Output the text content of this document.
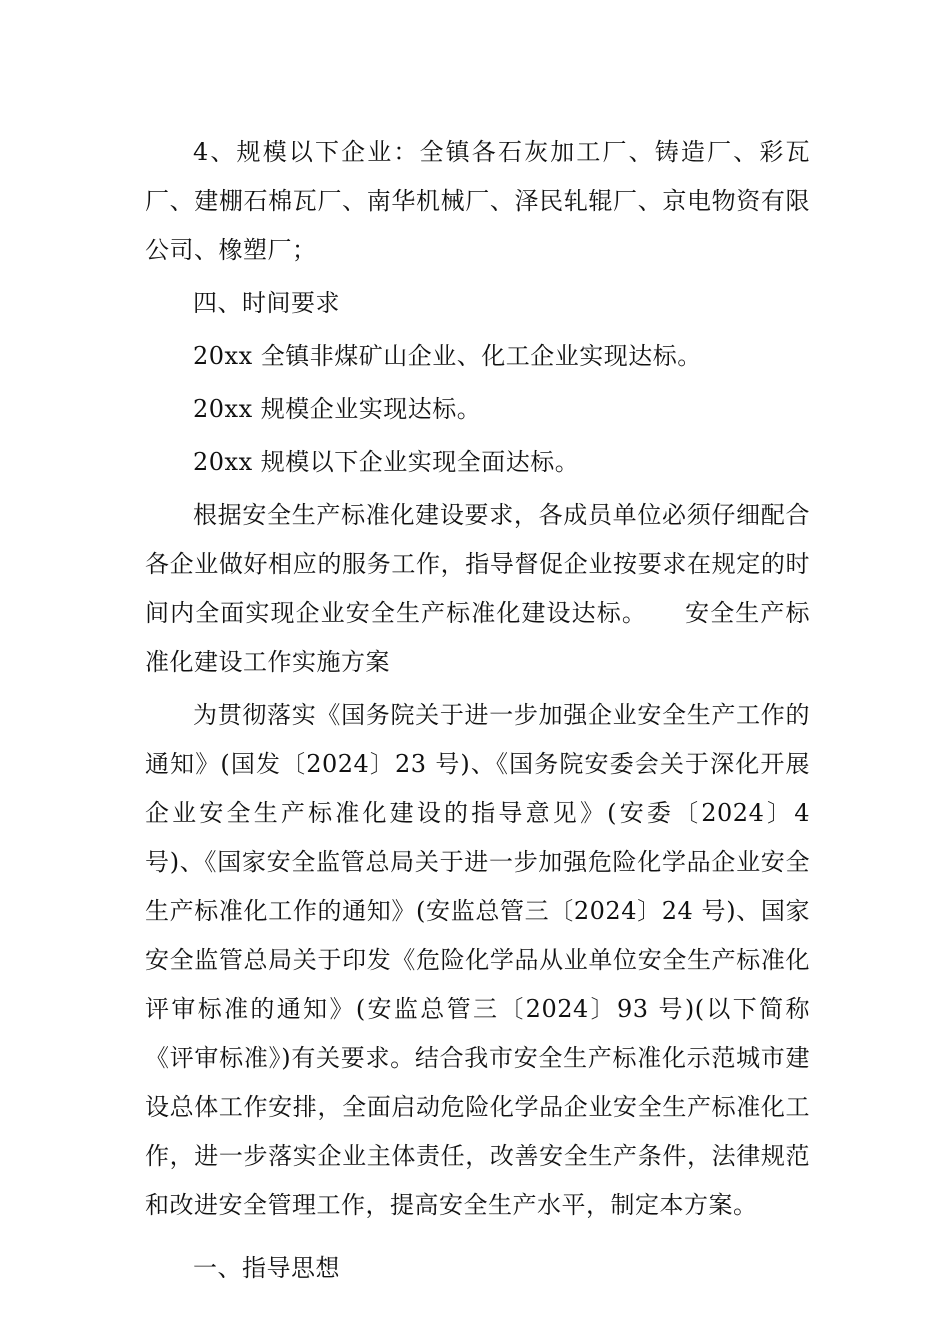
4、规模以下企业：全镇各石灰加工厂、铸造厂、彩瓦厂、建棚石棉瓦厂、南华机械厂、泽民轧辊厂、京电物资有限公司、橡塑厂；

四、时间要求

20xx 全镇非煤矿山企业、化工企业实现达标。

20xx 规模企业实现达标。

20xx 规模以下企业实现全面达标。

根据安全生产标准化建设要求，各成员单位必须仔细配合各企业做好相应的服务工作，指导督促企业按要求在规定的时间内全面实现企业安全生产标准化建设达标。　　安全生产标准化建设工作实施方案

为贯彻落实《国务院关于进一步加强企业安全生产工作的通知》(国发〔2024〕23 号)、《国务院安委会关于深化开展企业安全生产标准化建设的指导意见》(安委〔2024〕4 号)、《国家安全监管总局关于进一步加强危险化学品企业安全生产标准化工作的通知》(安监总管三〔2024〕24 号)、国家安全监管总局关于印发《危险化学品从业单位安全生产标准化评审标准的通知》(安监总管三〔2024〕93 号)(以下简称《评审标准》)有关要求。结合我市安全生产标准化示范城市建设总体工作安排，全面启动危险化学品企业安全生产标准化工作，进一步落实企业主体责任，改善安全生产条件，法律规范和改进安全管理工作，提高安全生产水平，制定本方案。

一、指导思想
